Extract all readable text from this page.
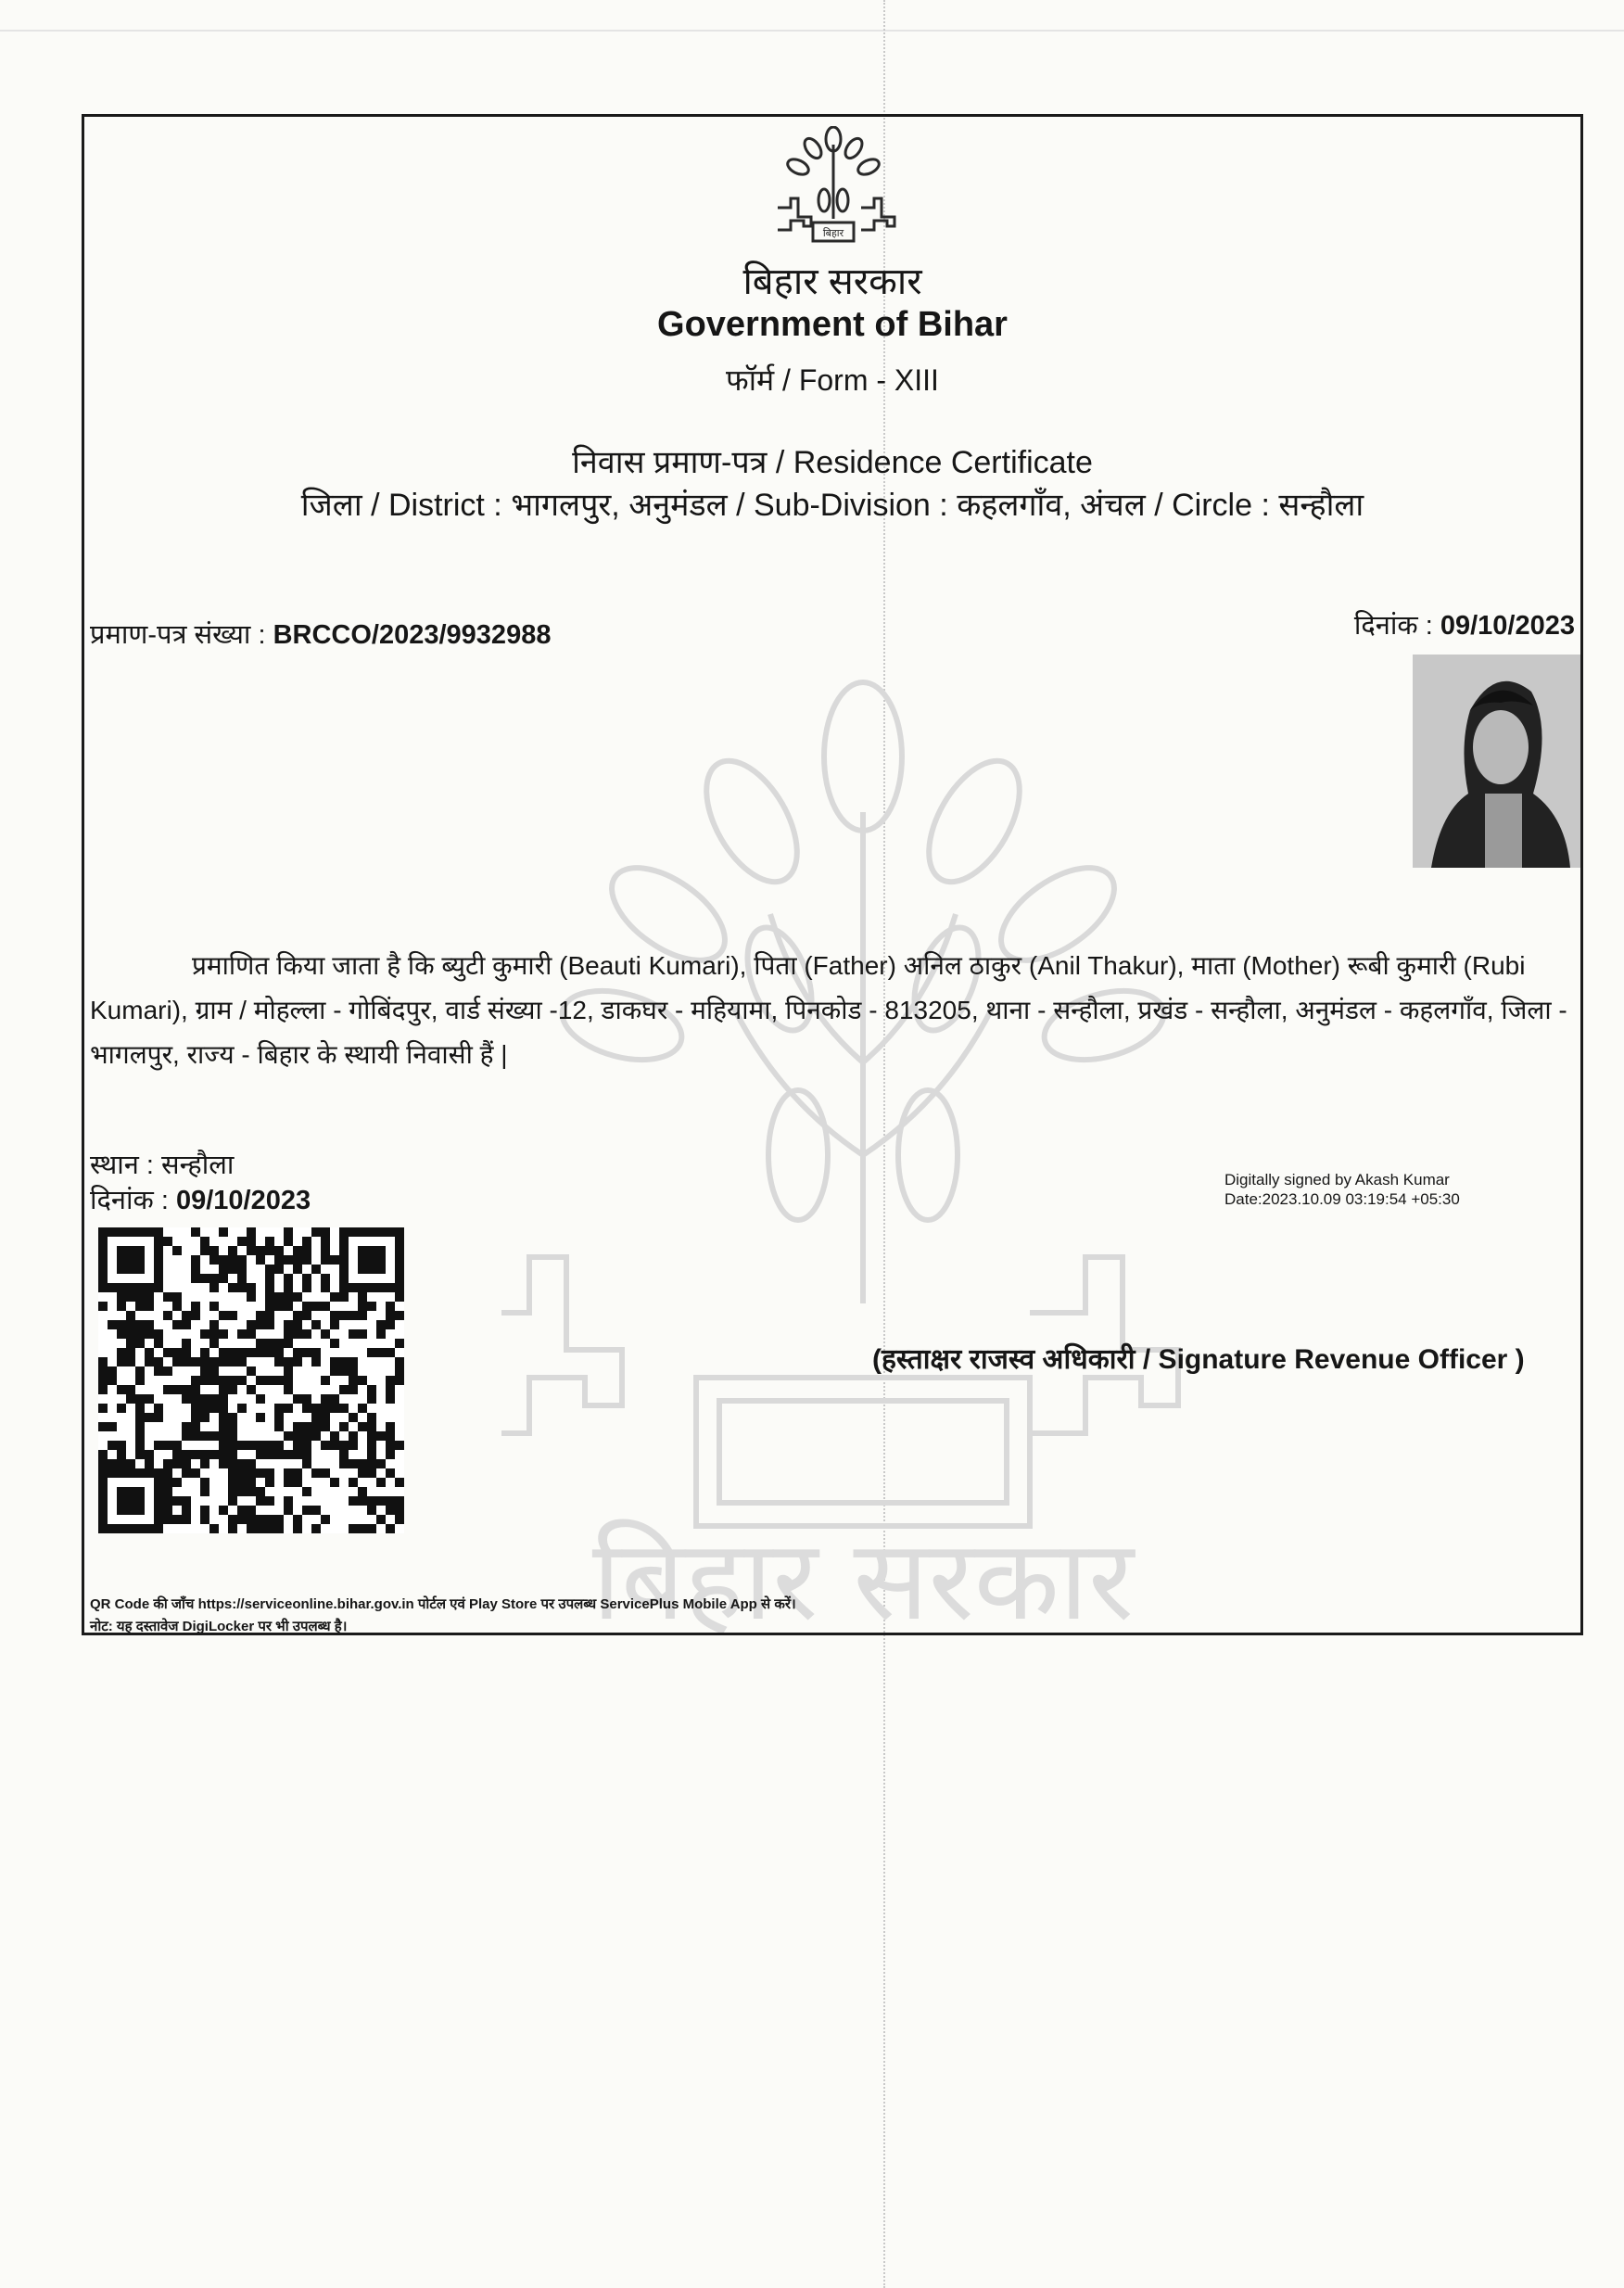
बिहार सरकार
बिहार
बिहार सरकार
Government of Bihar
फॉर्म / Form - XIII
निवास प्रमाण-पत्र / Residence Certificate
जिला / District : भागलपुर, अनुमंडल / Sub-Division : कहलगाँव, अंचल / Circle : सन्हौला
प्रमाण-पत्र संख्या : BRCCO/2023/9932988	दिनांक : 09/10/2023
प्रमाणित किया जाता है कि ब्युटी कुमारी (Beauti Kumari), पिता (Father) अनिल ठाकुर (Anil Thakur), माता (Mother) रूबी कुमारी (Rubi Kumari), ग्राम / मोहल्ला - गोबिंदपुर, वार्ड संख्या -12, डाकघर - महियामा, पिनकोड - 813205, थाना - सन्हौला, प्रखंड - सन्हौला, अनुमंडल - कहलगाँव, जिला - भागलपुर, राज्य - बिहार के स्थायी निवासी हैं |
स्थान : सन्हौला
दिनांक : 09/10/2023
Digitally signed by Akash Kumar
Date:2023.10.09 03:19:54 +05:30
(हस्ताक्षर राजस्व अधिकारी / Signature Revenue Officer )
QR Code की जाँच https://serviceonline.bihar.gov.in पोर्टल एवं Play Store पर उपलब्ध ServicePlus Mobile App से करें।
नोट: यह दस्तावेज DigiLocker पर भी उपलब्ध है।
